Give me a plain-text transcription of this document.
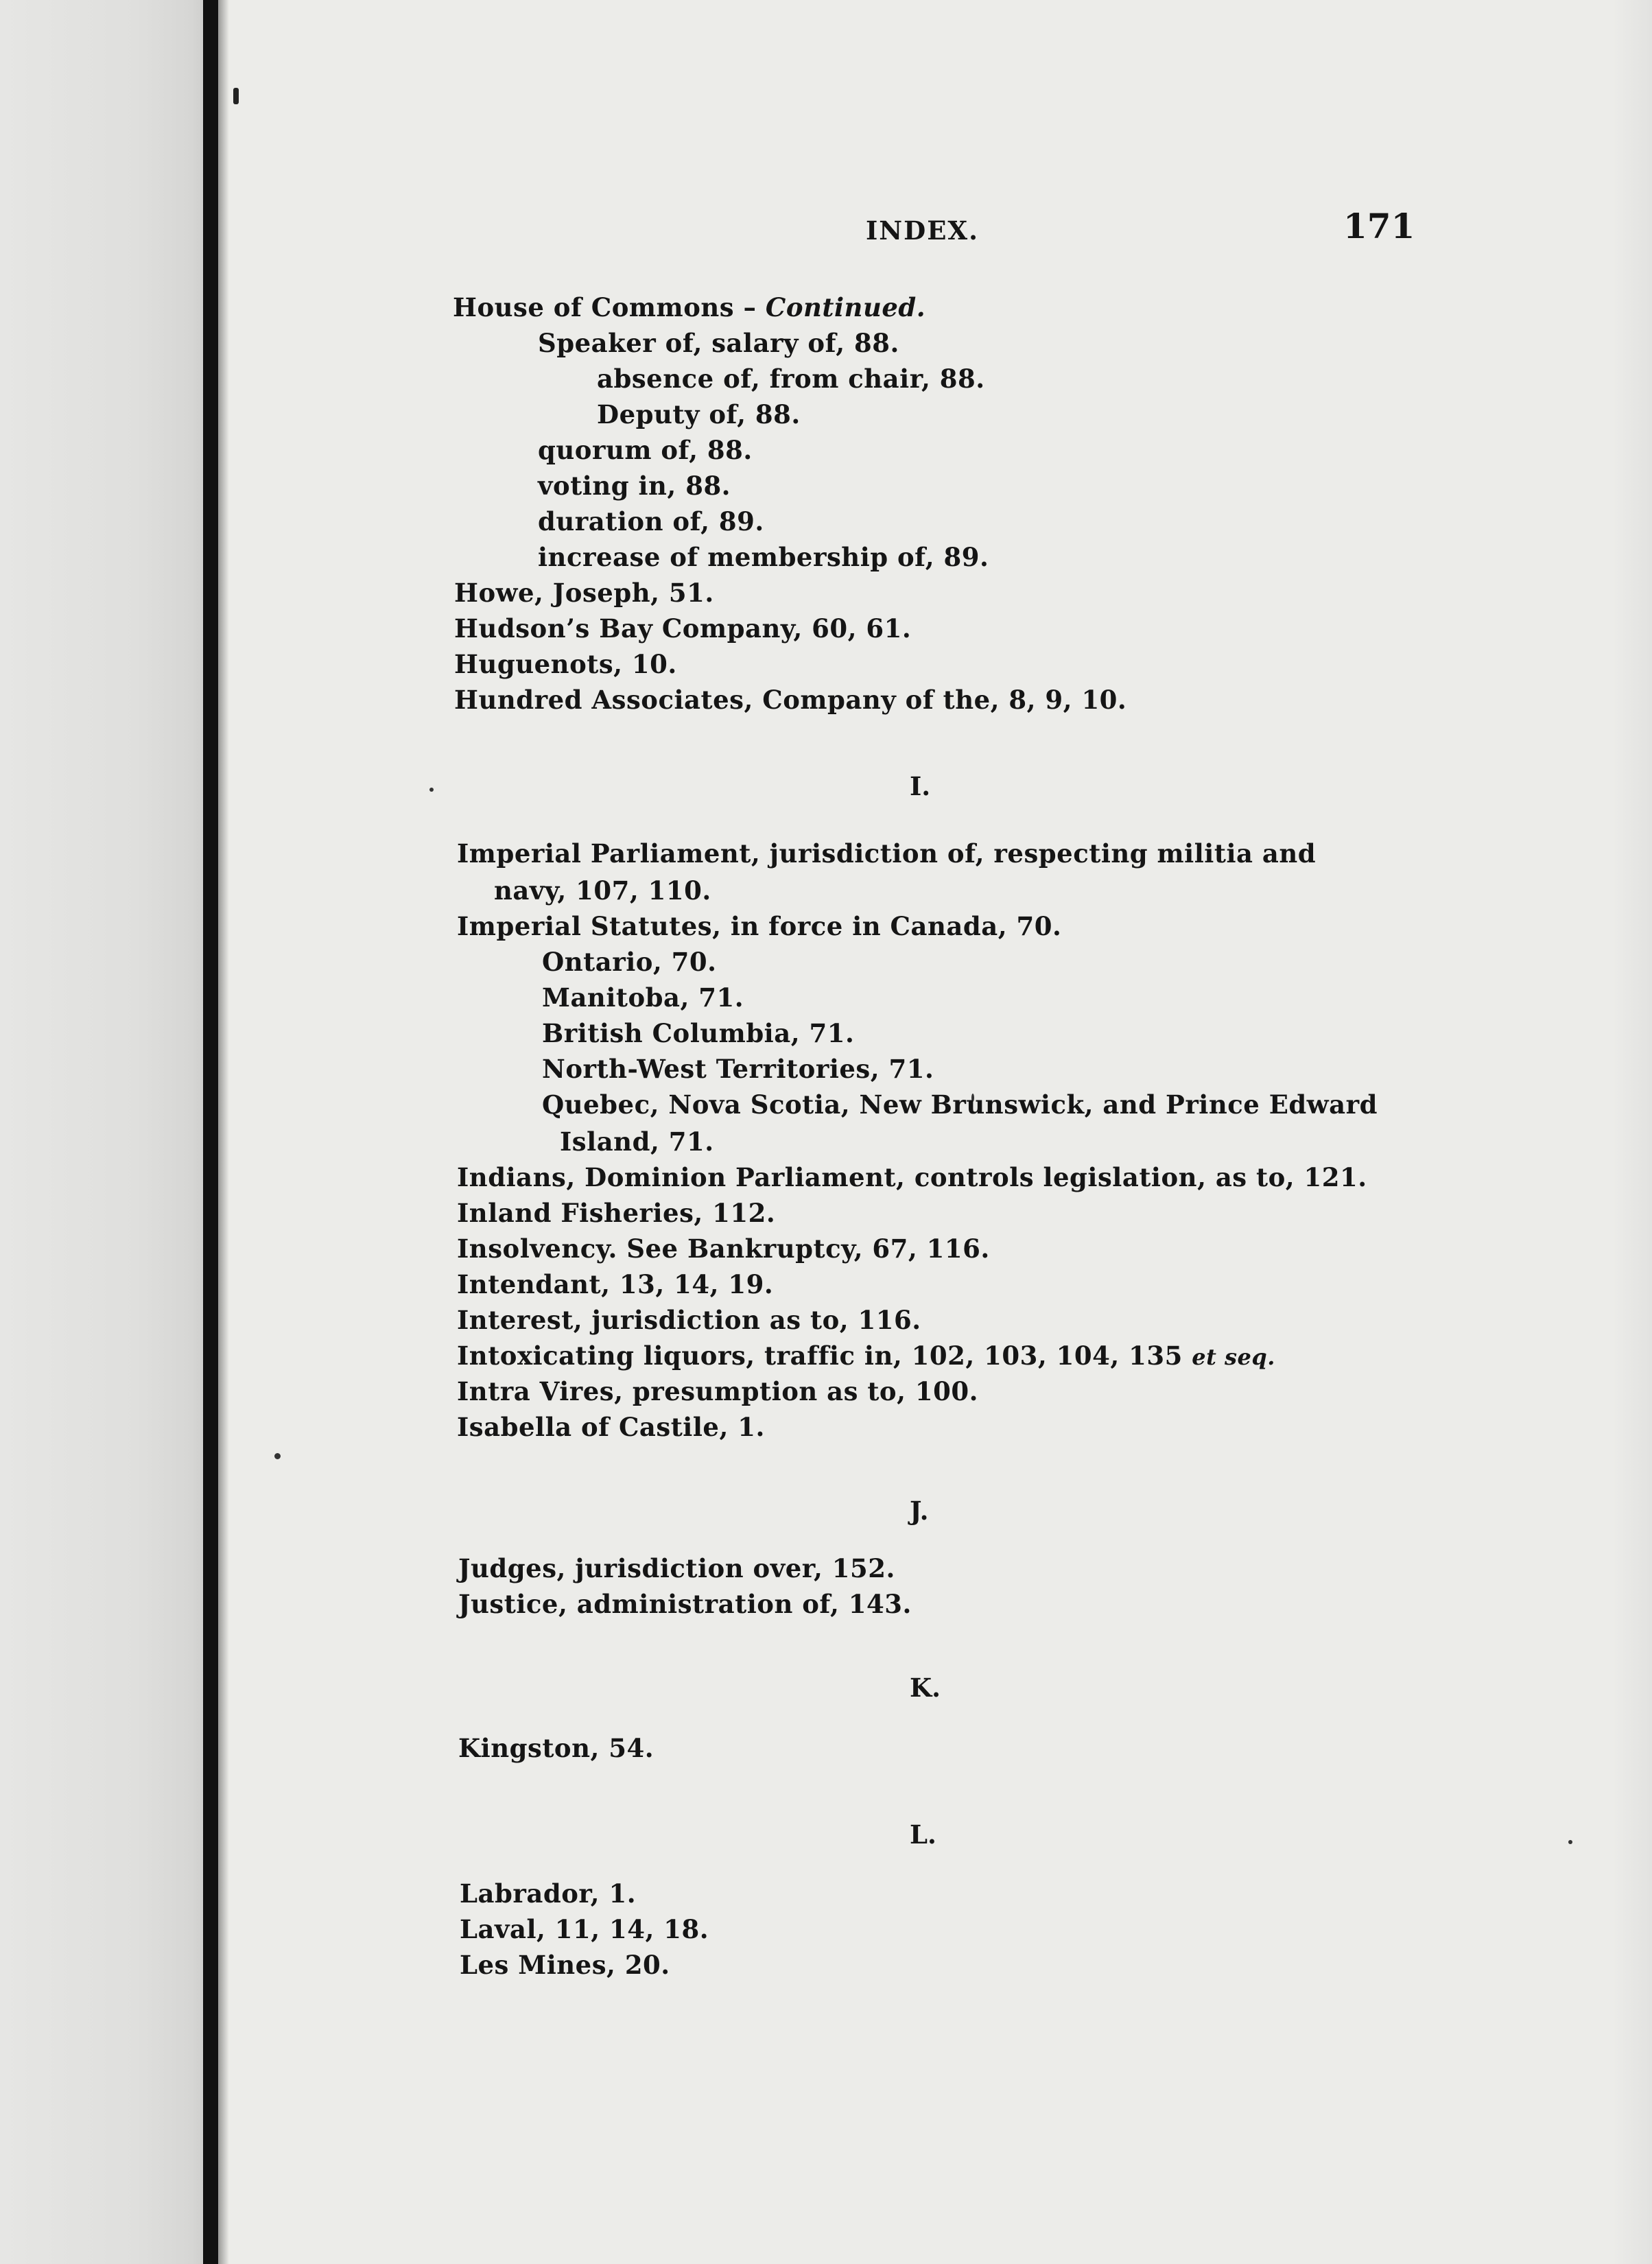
INDEX.	171
House of Commons – Continued.
Speaker of, salary of, 88.
absence of, from chair, 88.
Deputy of, 88.
quorum of, 88.
voting in, 88.
duration of, 89.
increase of membership of, 89.
Howe, Joseph, 51.
Hudson’s Bay Company, 60, 61.
Huguenots, 10.
Hundred Associates, Company of the, 8, 9, 10.
I.
Imperial Parliament, jurisdiction of, respecting militia and
navy, 107, 110.
Imperial Statutes, in force in Canada, 70.
Ontario, 70.
Manitoba, 71.
British Columbia, 71.
North-West Territories, 71.
Quebec, Nova Scotia, New Brunswick, and Prince Edward
Island, 71.
Indians, Dominion Parliament, controls legislation, as to, 121.
Inland Fisheries, 112.
Insolvency. See Bankruptcy, 67, 116.
Intendant, 13, 14, 19.
Interest, jurisdiction as to, 116.
Intoxicating liquors, traffic in, 102, 103, 104, 135 et seq.
Intra Vires, presumption as to, 100.
Isabella of Castile, 1.
J.
Judges, jurisdiction over, 152.
Justice, administration of, 143.
K.
Kingston, 54.
L.
Labrador, 1.
Laval, 11, 14, 18.
Les Mines, 20.
